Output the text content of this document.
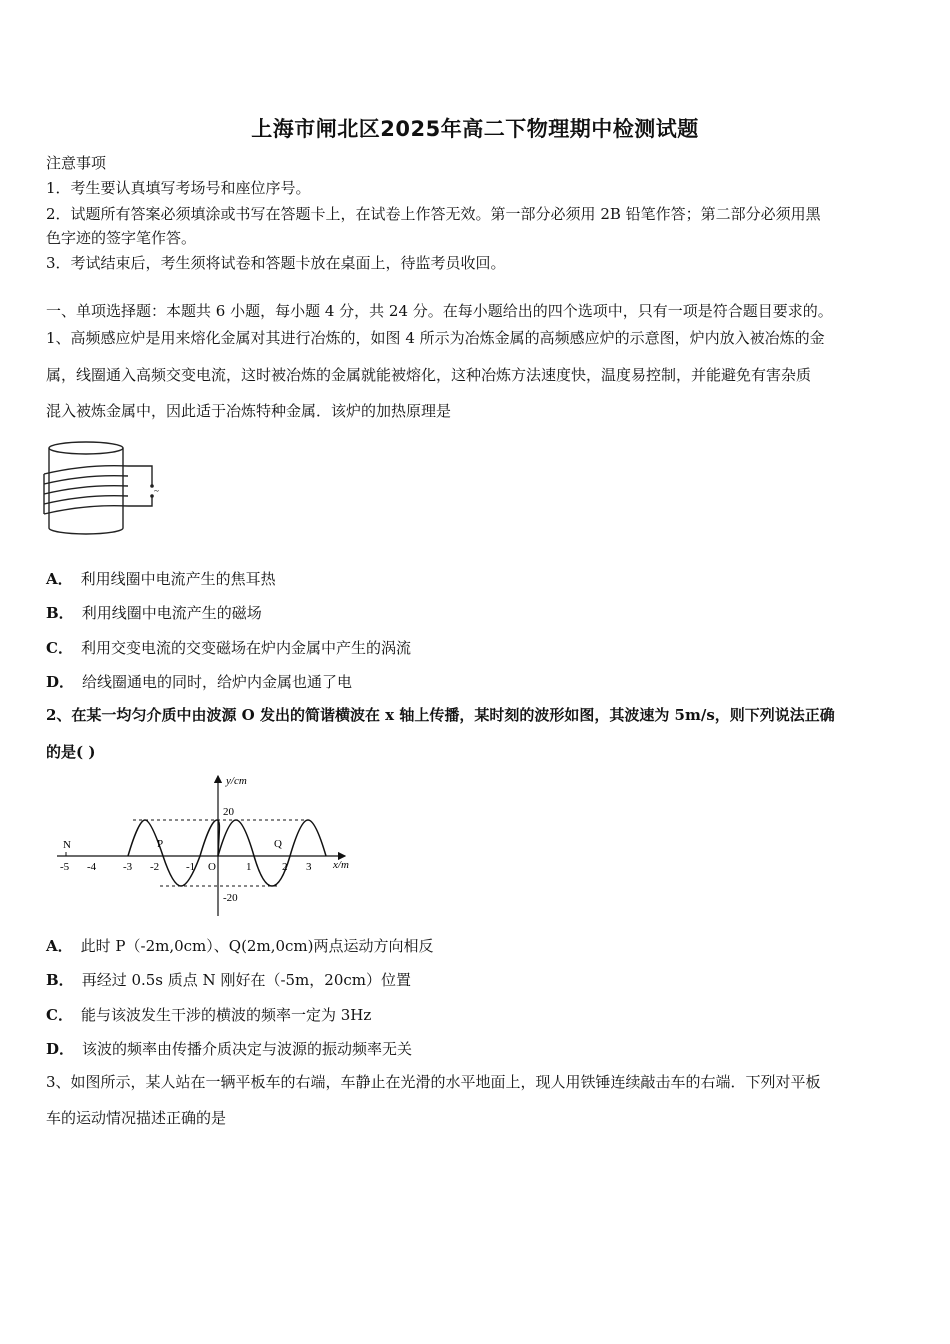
上海市闸北区2025年高二下物理期中检测试题
注意事项
1．考生要认真填写考场号和座位序号。
2．试题所有答案必须填涂或书写在答题卡上，在试卷上作答无效。第一部分必须用 2B 铅笔作答；第二部分必须用黑
色字迹的签字笔作答。
3．考试结束后，考生须将试卷和答题卡放在桌面上，待监考员收回。
一、单项选择题：本题共 6 小题，每小题 4 分，共 24 分。在每小题给出的四个选项中，只有一项是符合题目要求的。
1、高频感应炉是用来熔化金属对其进行冶炼的，如图 4 所示为冶炼金属的高频感应炉的示意图，炉内放入被冶炼的金
属，线圈通入高频交变电流，这时被冶炼的金属就能被熔化，这种冶炼方法速度快，温度易控制，并能避免有害杂质
混入被炼金属中，因此适于冶炼特种金属．该炉的加热原理是
~
A． 利用线圈中电流产生的焦耳热
B． 利用线圈中电流产生的磁场
C． 利用交变电流的交变磁场在炉内金属中产生的涡流
D． 给线圈通电的同时，给炉内金属也通了电
2、在某一均匀介质中由波源 O 发出的简谐横波在 x 轴上传播，某时刻的波形如图，其波速为 5m/s，则下列说法正确
的是( )
y/cm
x/m
20
-20
-5 -4 -3 -2 -1 O	1	2 3
N	P	Q
A． 此时 P（-2m,0cm）、Q(2m,0cm)两点运动方向相反
B． 再经过 0.5s 质点 N 刚好在（-5m，20cm）位置
C． 能与该波发生干涉的横波的频率一定为 3Hz
D． 该波的频率由传播介质决定与波源的振动频率无关
3、如图所示，某人站在一辆平板车的右端，车静止在光滑的水平地面上，现人用铁锤连续敲击车的右端．下列对平板
车的运动情况描述正确的是
